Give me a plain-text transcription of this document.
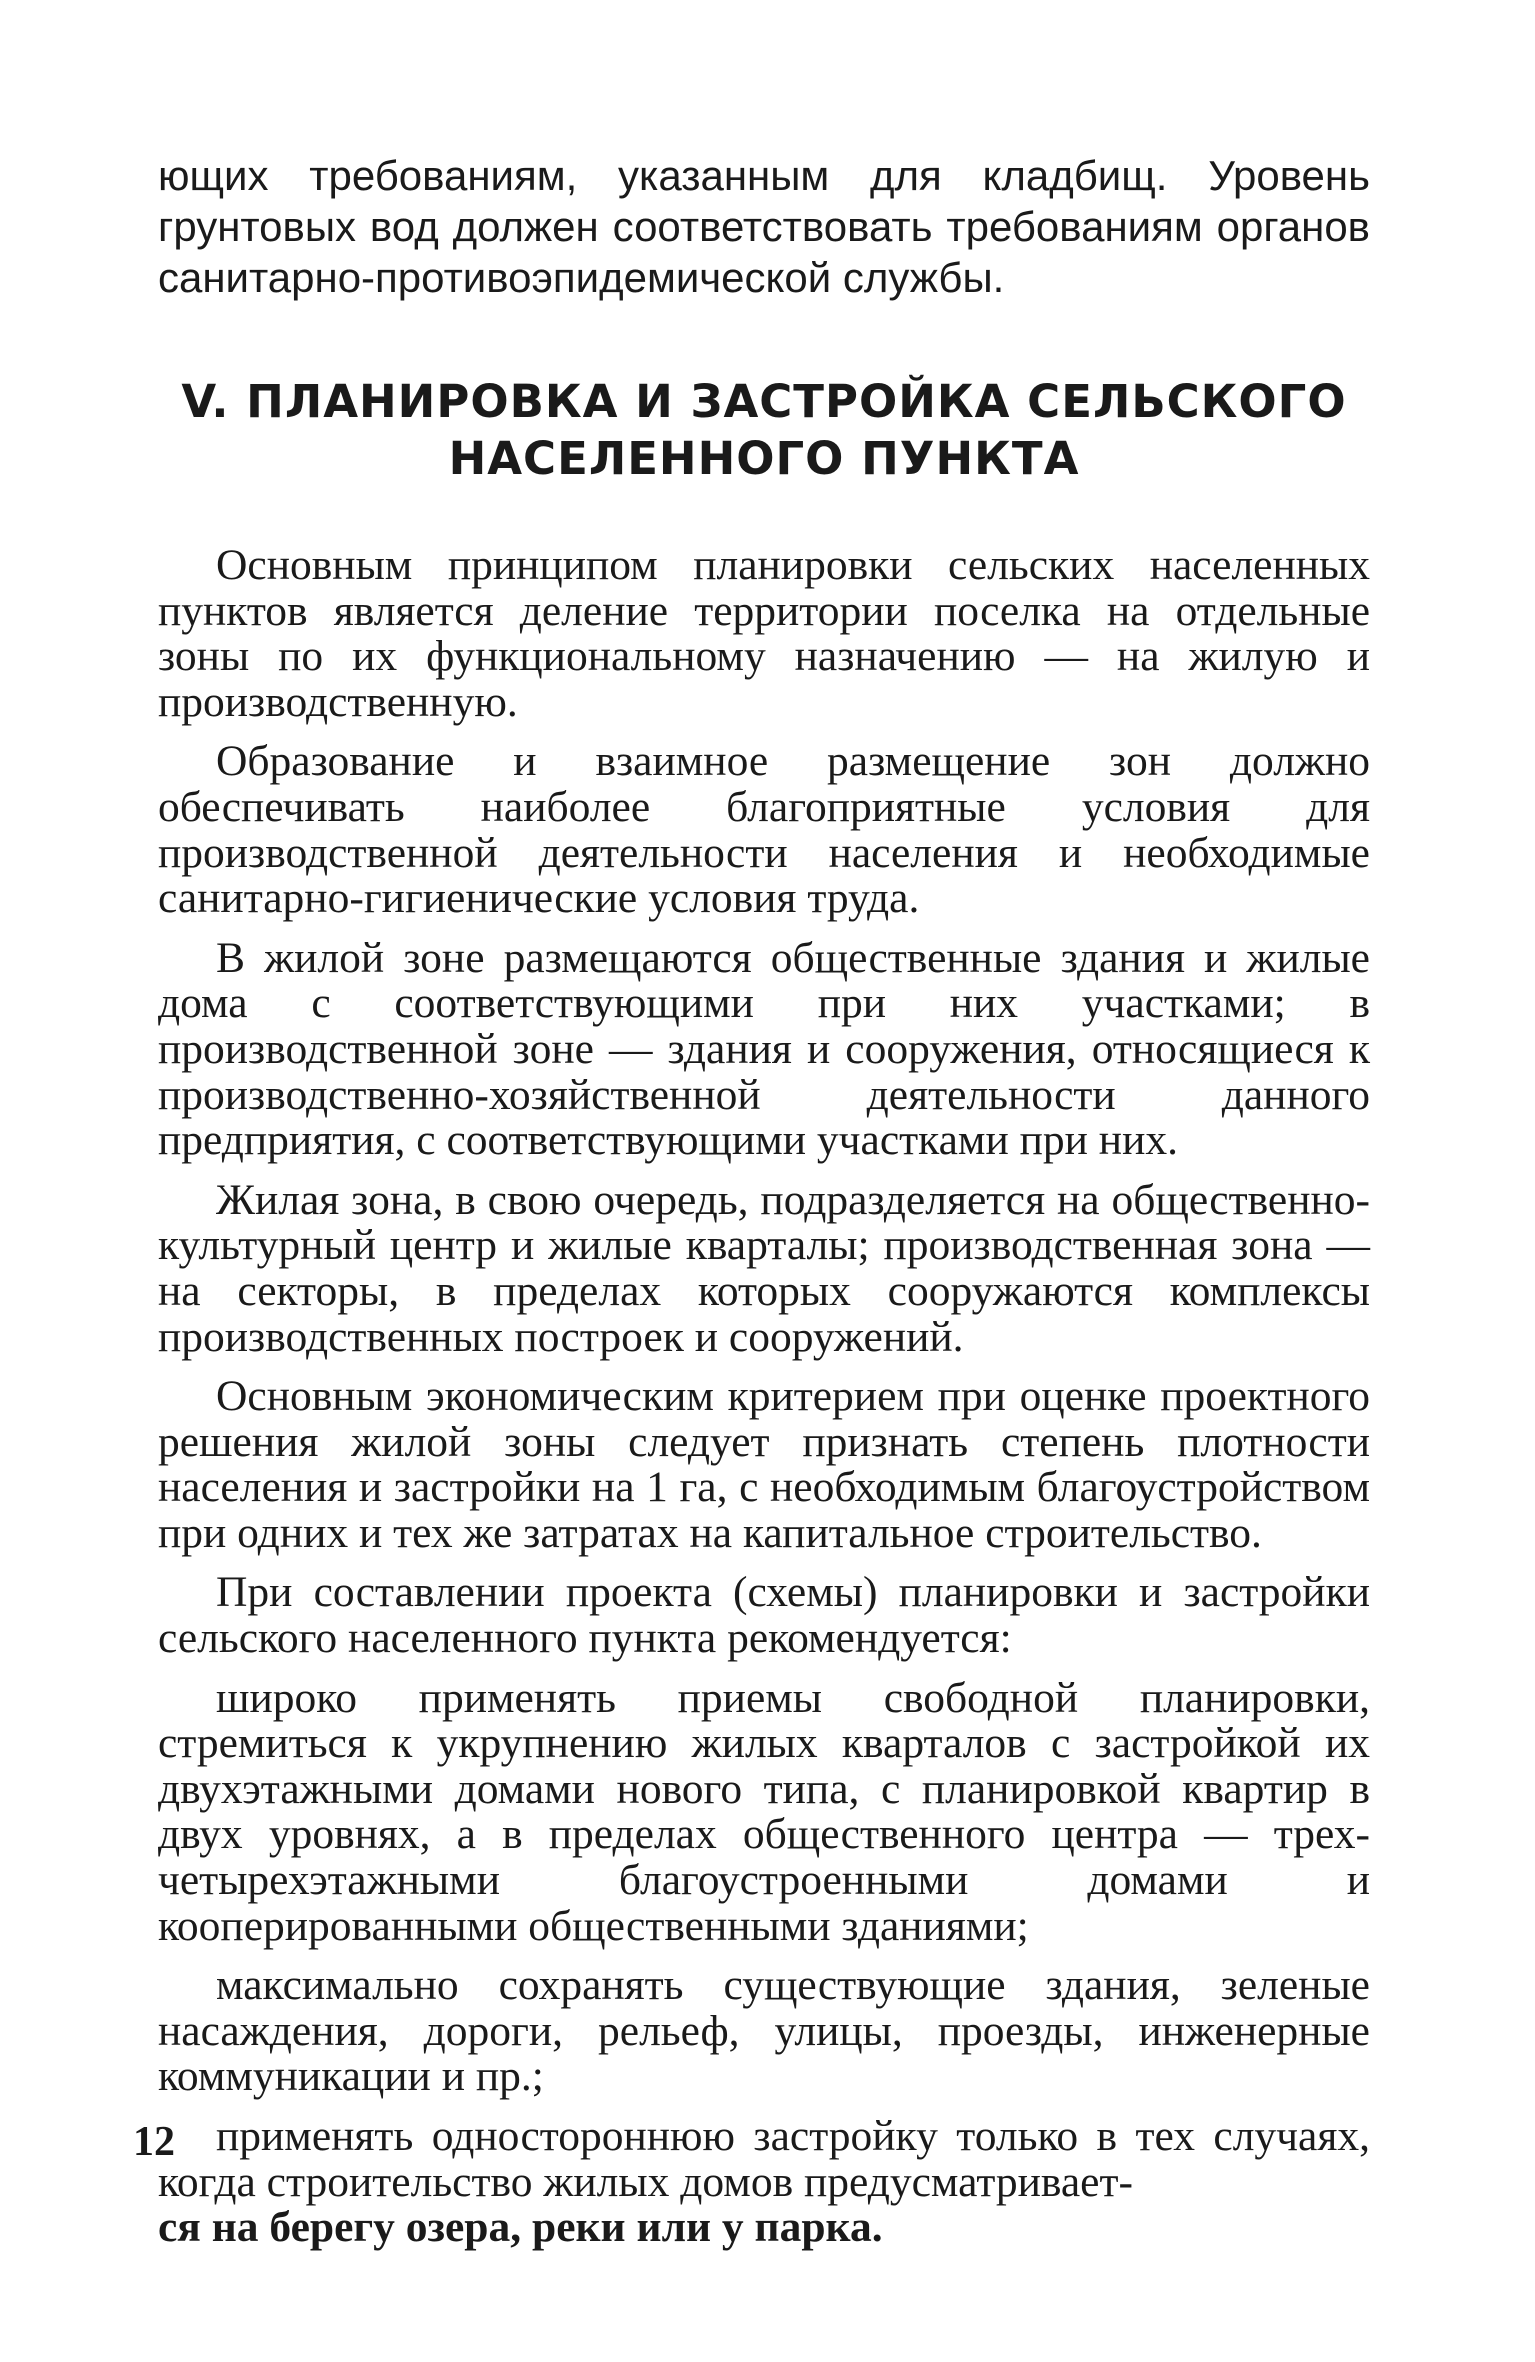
ющих требованиям, указанным для кладбищ. Уровень грунтовых вод должен соответствовать требованиям органов санитарно-противоэпидемической службы.

V. ПЛАНИРОВКА И ЗАСТРОЙКА СЕЛЬСКОГО
НАСЕЛЕННОГО ПУНКТА

Основным принципом планировки сельских населенных пунктов является деление территории поселка на отдельные зоны по их функциональному назначению — на жилую и производственную.

Образование и взаимное размещение зон должно обеспечивать наиболее благоприятные условия для производственной деятельности населения и необходимые санитарно-гигиенические условия труда.

В жилой зоне размещаются общественные здания и жилые дома с соответствующими при них участками; в производственной зоне — здания и сооружения, относящиеся к производственно-хозяйственной деятельности данного предприятия, с соответствующими участками при них.

Жилая зона, в свою очередь, подразделяется на общественно-культурный центр и жилые кварталы; производственная зона — на секторы, в пределах которых сооружаются комплексы производственных построек и сооружений.

Основным экономическим критерием при оценке проектного решения жилой зоны следует признать степень плотности населения и застройки на 1 га, с необходимым благоустройством при одних и тех же затратах на капитальное строительство.

При составлении проекта (схемы) планировки и застройки сельского населенного пункта рекомендуется:

широко применять приемы свободной планировки, стремиться к укрупнению жилых кварталов с застройкой их двухэтажными домами нового типа, с планировкой квартир в двух уровнях, а в пределах общественного центра — трех-четырехэтажными благоустроенными домами и кооперированными общественными зданиями;

максимально сохранять существующие здания, зеленые насаждения, дороги, рельеф, улицы, проезды, инженерные коммуникации и пр.;

применять одностороннюю застройку только в тех случаях, когда строительство жилых домов предусматривает-
ся на берегу озера, реки или у парка.

12
